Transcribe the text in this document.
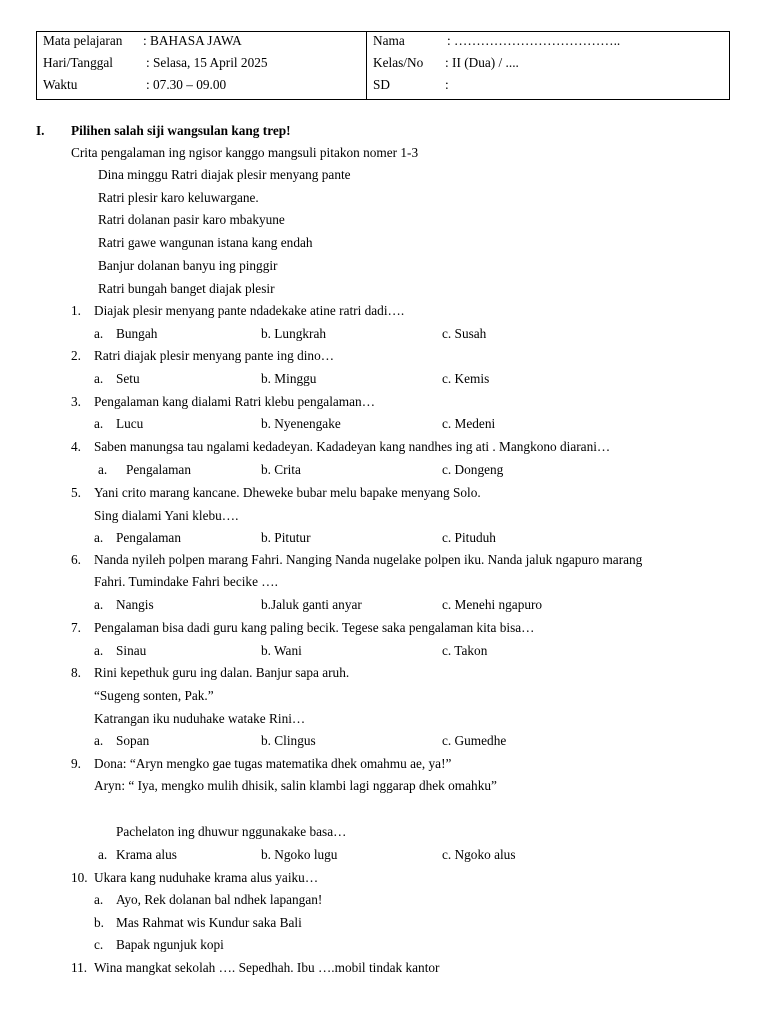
Mata pelajaran : BAHASA JAWA
Hari/Tanggal : Selasa, 15 April 2025
Waktu	: 07.30 – 09.00
Nama	: ………………………………..
Kelas/No : II (Dua) / ....
SD	:
I. Pilihen salah siji wangsulan kang trep!
Crita pengalaman ing ngisor kanggo mangsuli pitakon nomer 1-3
Dina minggu Ratri diajak plesir menyang pante
Ratri plesir karo keluwargane.
Ratri dolanan pasir karo mbakyune
Ratri gawe wangunan istana kang endah
Banjur dolanan banyu ing pinggir
Ratri bungah banget diajak plesir
1. Diajak plesir menyang pante ndadekake atine ratri dadi….
a. Bungah	b. Lungkrah	c. Susah
2. Ratri diajak plesir menyang pante ing dino…
a. Setu	b. Minggu	c. Kemis
3. Pengalaman kang dialami Ratri klebu pengalaman…
a. Lucu	b. Nyenengake	c. Medeni
4. Saben manungsa tau ngalami kedadeyan. Kadadeyan kang nandhes ing ati . Mangkono diarani…
a. Pengalaman	b. Crita	c. Dongeng
5. Yani crito marang kancane. Dheweke bubar melu bapake menyang Solo.
Sing dialami Yani klebu….
a. Pengalaman	b. Pitutur	c. Pituduh
6. Nanda nyileh polpen marang Fahri. Nanging Nanda nugelake polpen iku. Nanda jaluk ngapuro marang
Fahri. Tumindake Fahri becike ….
a. Nangis	b.Jaluk ganti anyar	c. Menehi ngapuro
7. Pengalaman bisa dadi guru kang paling becik. Tegese saka pengalaman kita bisa…
a. Sinau	b. Wani	c. Takon
8. Rini kepethuk guru ing dalan. Banjur sapa aruh.
“Sugeng sonten, Pak.”
Katrangan iku nuduhake watake Rini…
a. Sopan	b. Clingus	c. Gumedhe
9. Dona: “Aryn mengko gae tugas matematika dhek omahmu ae, ya!”
Aryn: “ Iya, mengko mulih dhisik, salin klambi lagi nggarap dhek omahku”
Pachelaton ing dhuwur nggunakake basa…
a. Krama alus	b. Ngoko lugu	c. Ngoko alus
10. Ukara kang nuduhake krama alus yaiku…
a. Ayo, Rek dolanan bal ndhek lapangan!
b. Mas Rahmat wis Kundur saka Bali
c. Bapak ngunjuk kopi
11. Wina mangkat sekolah …. Sepedhah. Ibu ….mobil tindak kantor
